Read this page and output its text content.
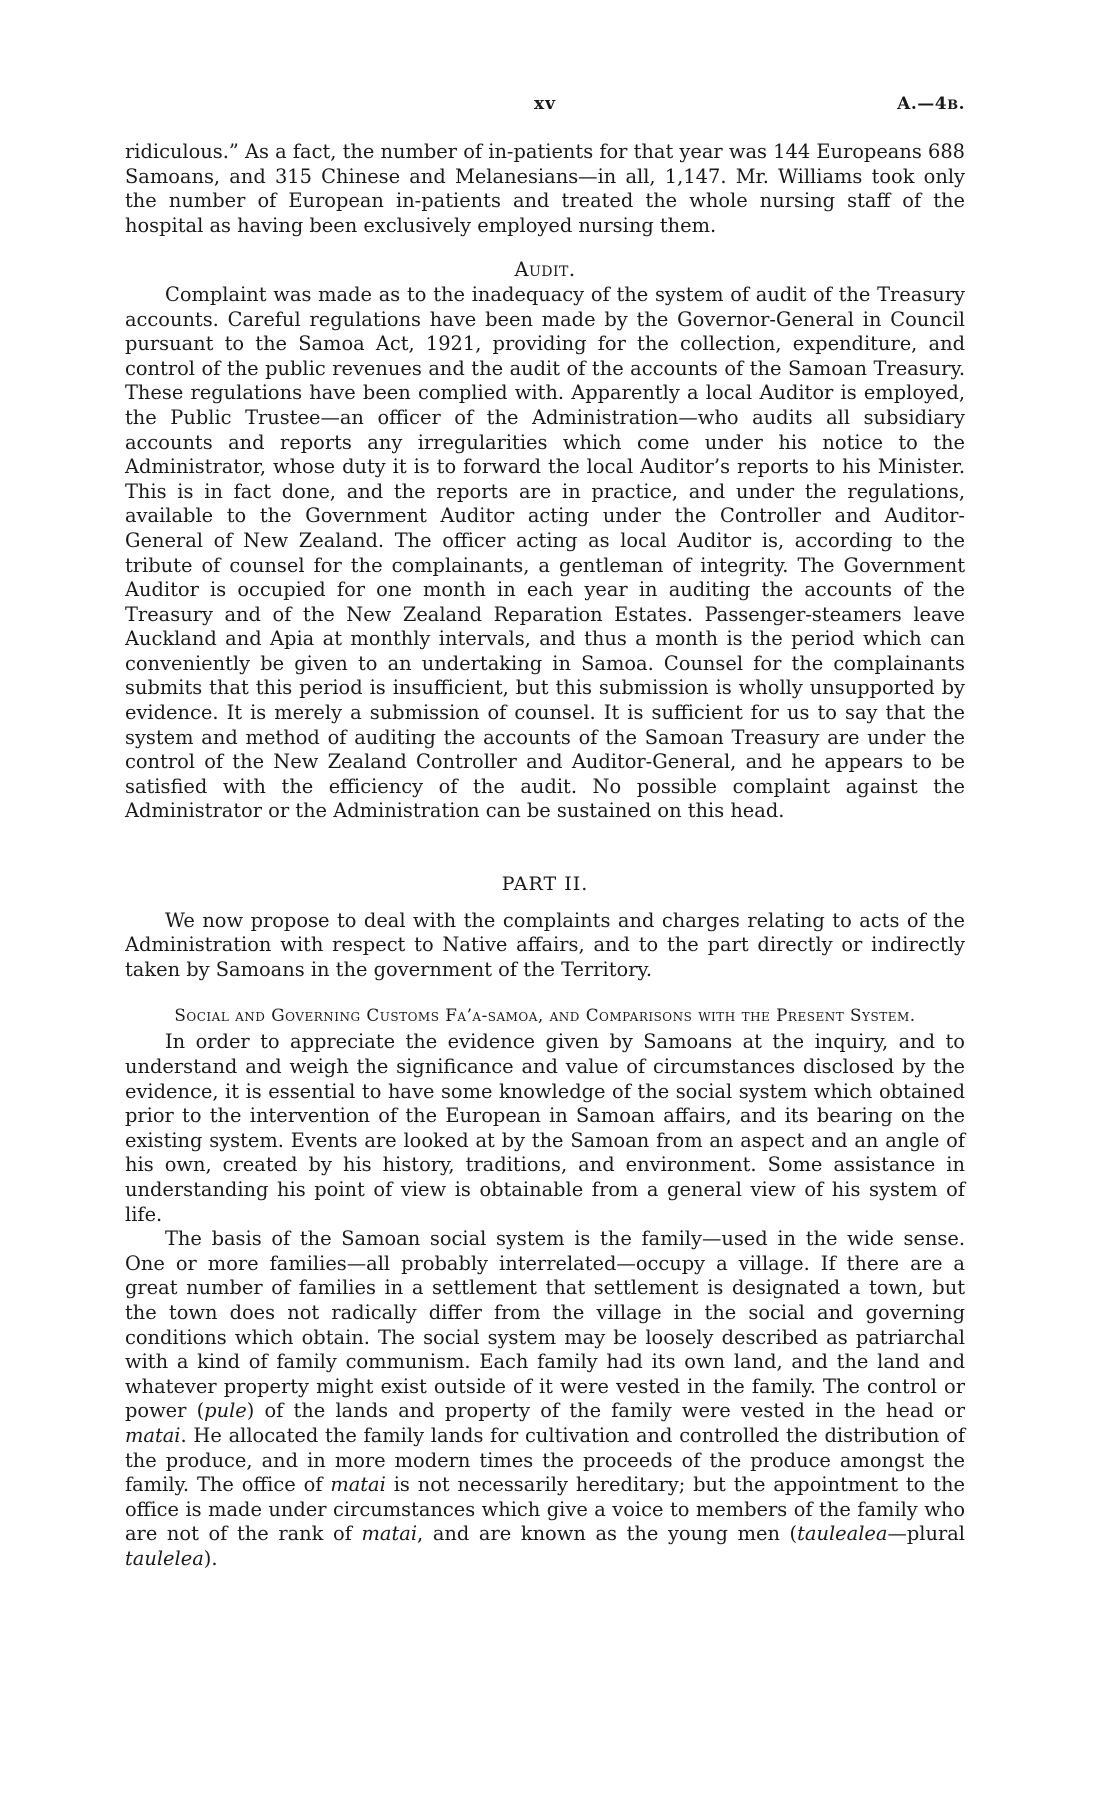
xv	A.—4B.

ridiculous.” As a fact, the number of in-patients for that year was 144 Europeans 688 Samoans, and 315 Chinese and Melanesians—in all, 1,147. Mr. Williams took only the number of European in-patients and treated the whole nursing staff of the hospital as having been exclusively employed nursing them.

Audit.

Complaint was made as to the inadequacy of the system of audit of the Treasury accounts. Careful regulations have been made by the Governor-General in Council pursuant to the Samoa Act, 1921, providing for the collection, expenditure, and control of the public revenues and the audit of the accounts of the Samoan Treasury. These regulations have been complied with. Apparently a local Auditor is employed, the Public Trustee—an officer of the Administration—who audits all subsidiary accounts and reports any irregularities which come under his notice to the Administrator, whose duty it is to forward the local Auditor’s reports to his Minister. This is in fact done, and the reports are in practice, and under the regulations, available to the Government Auditor acting under the Controller and Auditor-General of New Zealand. The officer acting as local Auditor is, according to the tribute of counsel for the complainants, a gentleman of integrity. The Government Auditor is occupied for one month in each year in auditing the accounts of the Treasury and of the New Zealand Reparation Estates. Passenger-steamers leave Auckland and Apia at monthly intervals, and thus a month is the period which can conveniently be given to an undertaking in Samoa. Counsel for the complainants submits that this period is insufficient, but this submission is wholly unsupported by evidence. It is merely a submission of counsel. It is sufficient for us to say that the system and method of auditing the accounts of the Samoan Treasury are under the control of the New Zealand Controller and Auditor-General, and he appears to be satisfied with the efficiency of the audit. No possible complaint against the Administrator or the Administration can be sustained on this head.

PART II.

We now propose to deal with the complaints and charges relating to acts of the Administration with respect to Native affairs, and to the part directly or indirectly taken by Samoans in the government of the Territory.

Social and Governing Customs Fa’a-samoa, and Comparisons with the Present System.

In order to appreciate the evidence given by Samoans at the inquiry, and to understand and weigh the significance and value of circumstances disclosed by the evidence, it is essential to have some knowledge of the social system which obtained prior to the intervention of the European in Samoan affairs, and its bearing on the existing system. Events are looked at by the Samoan from an aspect and an angle of his own, created by his history, traditions, and environment. Some assistance in understanding his point of view is obtainable from a general view of his system of life.

The basis of the Samoan social system is the family—used in the wide sense. One or more families—all probably interrelated—occupy a village. If there are a great number of families in a settlement that settlement is designated a town, but the town does not radically differ from the village in the social and governing conditions which obtain. The social system may be loosely described as patriarchal with a kind of family communism. Each family had its own land, and the land and whatever property might exist outside of it were vested in the family. The control or power (pule) of the lands and property of the family were vested in the head or matai. He allocated the family lands for cultivation and controlled the distribution of the produce, and in more modern times the proceeds of the produce amongst the family. The office of matai is not necessarily hereditary; but the appointment to the office is made under circumstances which give a voice to members of the family who are not of the rank of matai, and are known as the young men (taulealea—plural taulelea).
